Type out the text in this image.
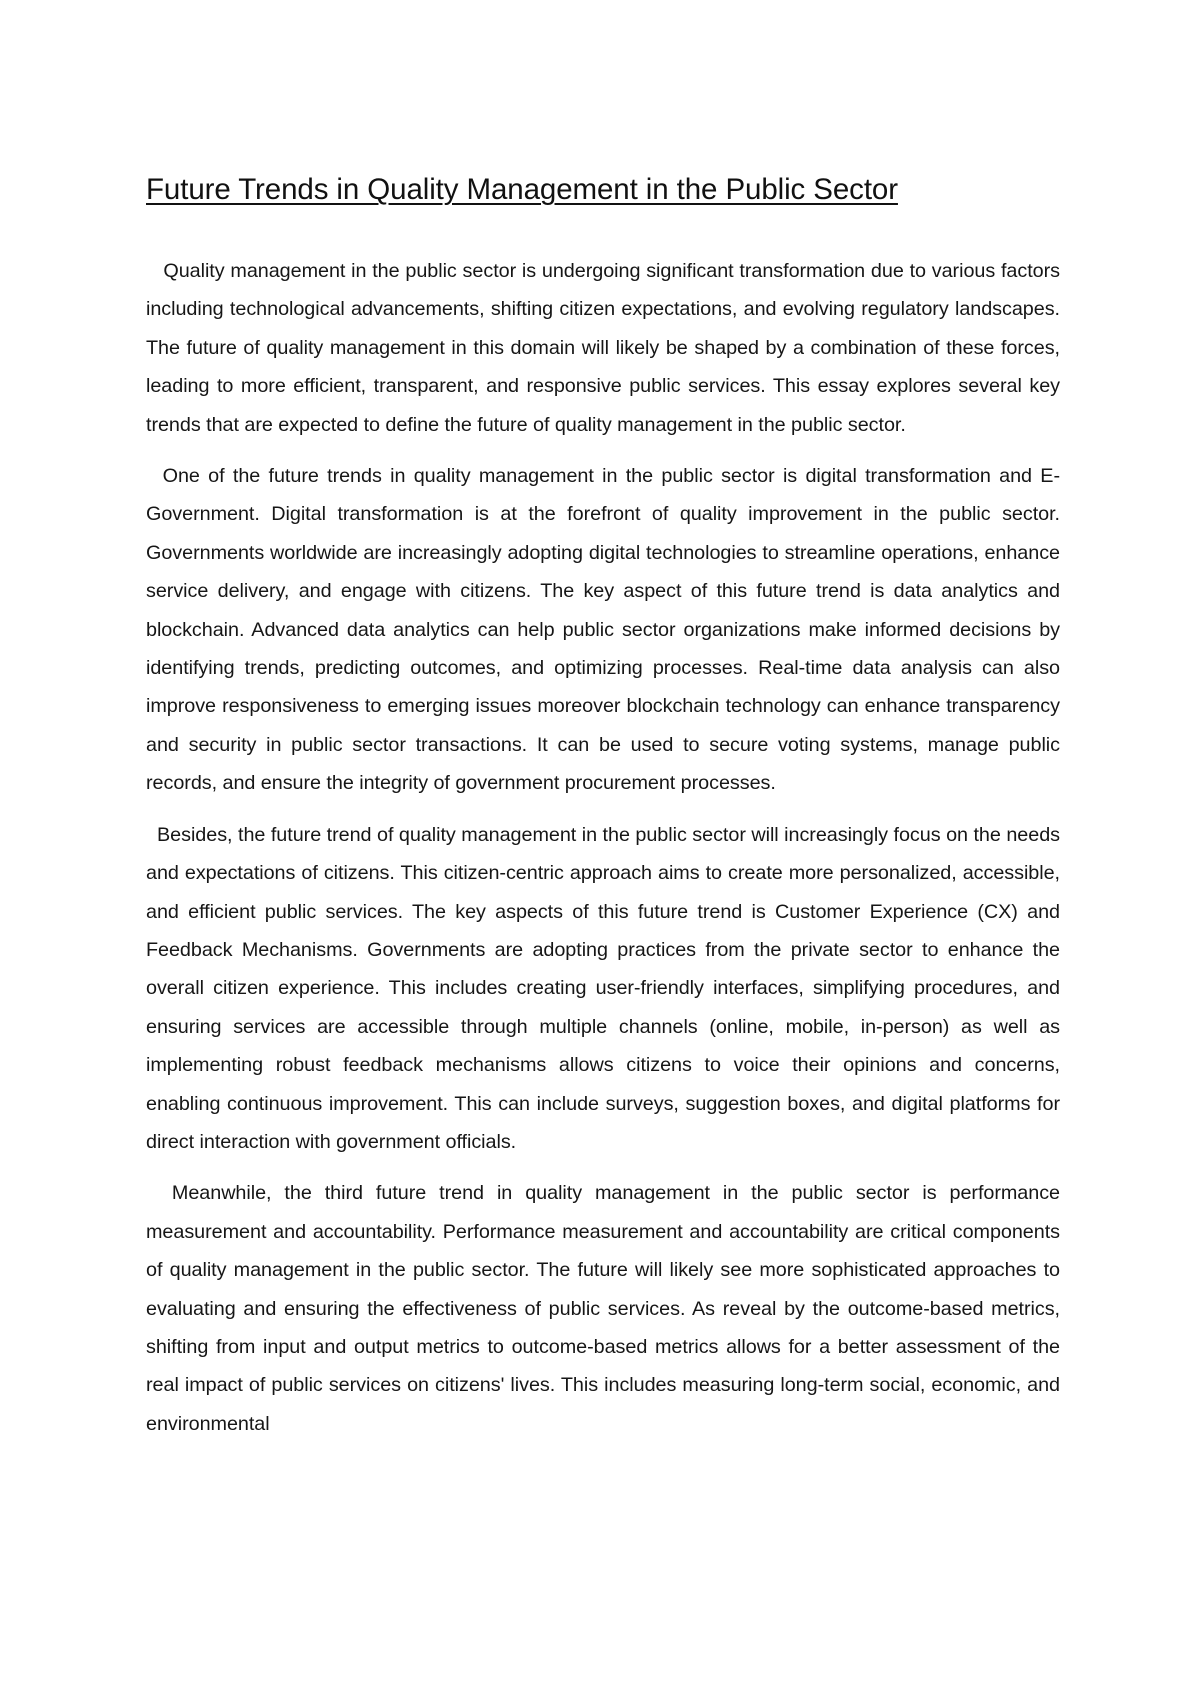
Future Trends in Quality Management in the Public Sector

Quality management in the public sector is undergoing significant transformation due to various factors including technological advancements, shifting citizen expectations, and evolving regulatory landscapes. The future of quality management in this domain will likely be shaped by a combination of these forces, leading to more efficient, transparent, and responsive public services. This essay explores several key trends that are expected to define the future of quality management in the public sector.

One of the future trends in quality management in the public sector is digital transformation and E-Government. Digital transformation is at the forefront of quality improvement in the public sector. Governments worldwide are increasingly adopting digital technologies to streamline operations, enhance service delivery, and engage with citizens. The key aspect of this future trend is data analytics and blockchain. Advanced data analytics can help public sector organizations make informed decisions by identifying trends, predicting outcomes, and optimizing processes. Real-time data analysis can also improve responsiveness to emerging issues moreover blockchain technology can enhance transparency and security in public sector transactions. It can be used to secure voting systems, manage public records, and ensure the integrity of government procurement processes.

Besides, the future trend of quality management in the public sector will increasingly focus on the needs and expectations of citizens. This citizen-centric approach aims to create more personalized, accessible, and efficient public services. The key aspects of this future trend is Customer Experience (CX) and Feedback Mechanisms. Governments are adopting practices from the private sector to enhance the overall citizen experience. This includes creating user-friendly interfaces, simplifying procedures, and ensuring services are accessible through multiple channels (online, mobile, in-person) as well as implementing robust feedback mechanisms allows citizens to voice their opinions and concerns, enabling continuous improvement. This can include surveys, suggestion boxes, and digital platforms for direct interaction with government officials.

Meanwhile, the third future trend in quality management in the public sector is performance measurement and accountability. Performance measurement and accountability are critical components of quality management in the public sector. The future will likely see more sophisticated approaches to evaluating and ensuring the effectiveness of public services. As reveal by the outcome-based metrics, shifting from input and output metrics to outcome-based metrics allows for a better assessment of the real impact of public services on citizens' lives. This includes measuring long-term social, economic, and environmental
